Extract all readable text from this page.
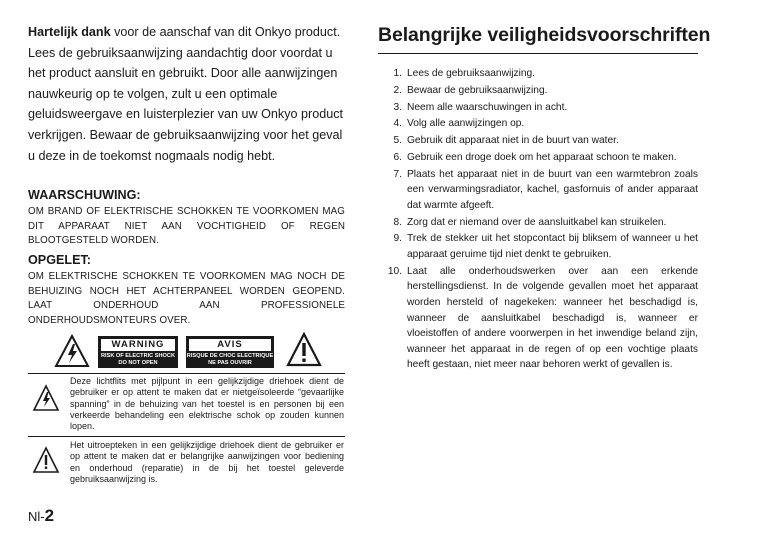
Hartelijk dank voor de aanschaf van dit Onkyo product. Lees de gebruiksaanwijzing aandachtig door voordat u het product aansluit en gebruikt. Door alle aanwijzingen nauwkeurig op te volgen, zult u een optimale geluidsweergave en luisterplezier van uw Onkyo product verkrijgen. Bewaar de gebruiksaanwijzing voor het geval u deze in de toekomst nogmaals nodig hebt.

WAARSCHUWING:

OM BRAND OF ELEKTRISCHE SCHOKKEN TE VOORKOMEN MAG DIT APPARAAT NIET AAN VOCHTIGHEID OF REGEN BLOOTGESTELD WORDEN.

OPGELET:

OM ELEKTRISCHE SCHOKKEN TE VOORKOMEN MAG NOCH DE BEHUIZING NOCH HET ACHTERPANEEL WORDEN GEOPEND. LAAT ONDERHOUD AAN PROFESSIONELE ONDERHOUDSMONTEURS OVER.

WARNING
RISK OF ELECTRIC SHOCK DO NOT OPEN
AVIS
RISQUE DE CHOC ELECTRIQUE NE PAS OUVRIR

Deze lichtflits met pijlpunt in een gelijkzijdige driehoek dient de gebruiker er op attent te maken dat er nietgeïsoleerde “gevaarlijke spanning” in de behuizing van het toestel is en personen bij een verkeerde behandeling een elektrische schok op zouden kunnen lopen.

Het uitroepteken in een gelijkzijdige driehoek dient de gebruiker er op attent te maken dat er belangrijke aanwijzingen voor bediening en onderhoud (reparatie) in de bij het toestel geleverde gebruiksaanwijzing is.

Nl-2
Belangrijke veiligheidsvoorschriften
1. Lees de gebruiksaanwijzing.
2. Bewaar de gebruiksaanwijzing.
3. Neem alle waarschuwingen in acht.
4. Volg alle aanwijzingen op.
5. Gebruik dit apparaat niet in de buurt van water.
6. Gebruik een droge doek om het apparaat schoon te maken.
7. Plaats het apparaat niet in de buurt van een warmtebron zoals een verwarmingsradiator, kachel, gasfornuis of ander apparaat dat warmte afgeeft.
8. Zorg dat er niemand over de aansluitkabel kan struikelen.
9. Trek de stekker uit het stopcontact bij bliksem of wanneer u het apparaat geruime tijd niet denkt te gebruiken.
10. Laat alle onderhoudswerken over aan een erkende herstellingsdienst. In de volgende gevallen moet het apparaat worden hersteld of nagekeken: wanneer het beschadigd is, wanneer de aansluitkabel beschadigd is, wanneer er vloeistoffen of andere voorwerpen in het inwendige beland zijn, wanneer het apparaat in de regen of op een vochtige plaats heeft gestaan, niet meer naar behoren werkt of gevallen is.
